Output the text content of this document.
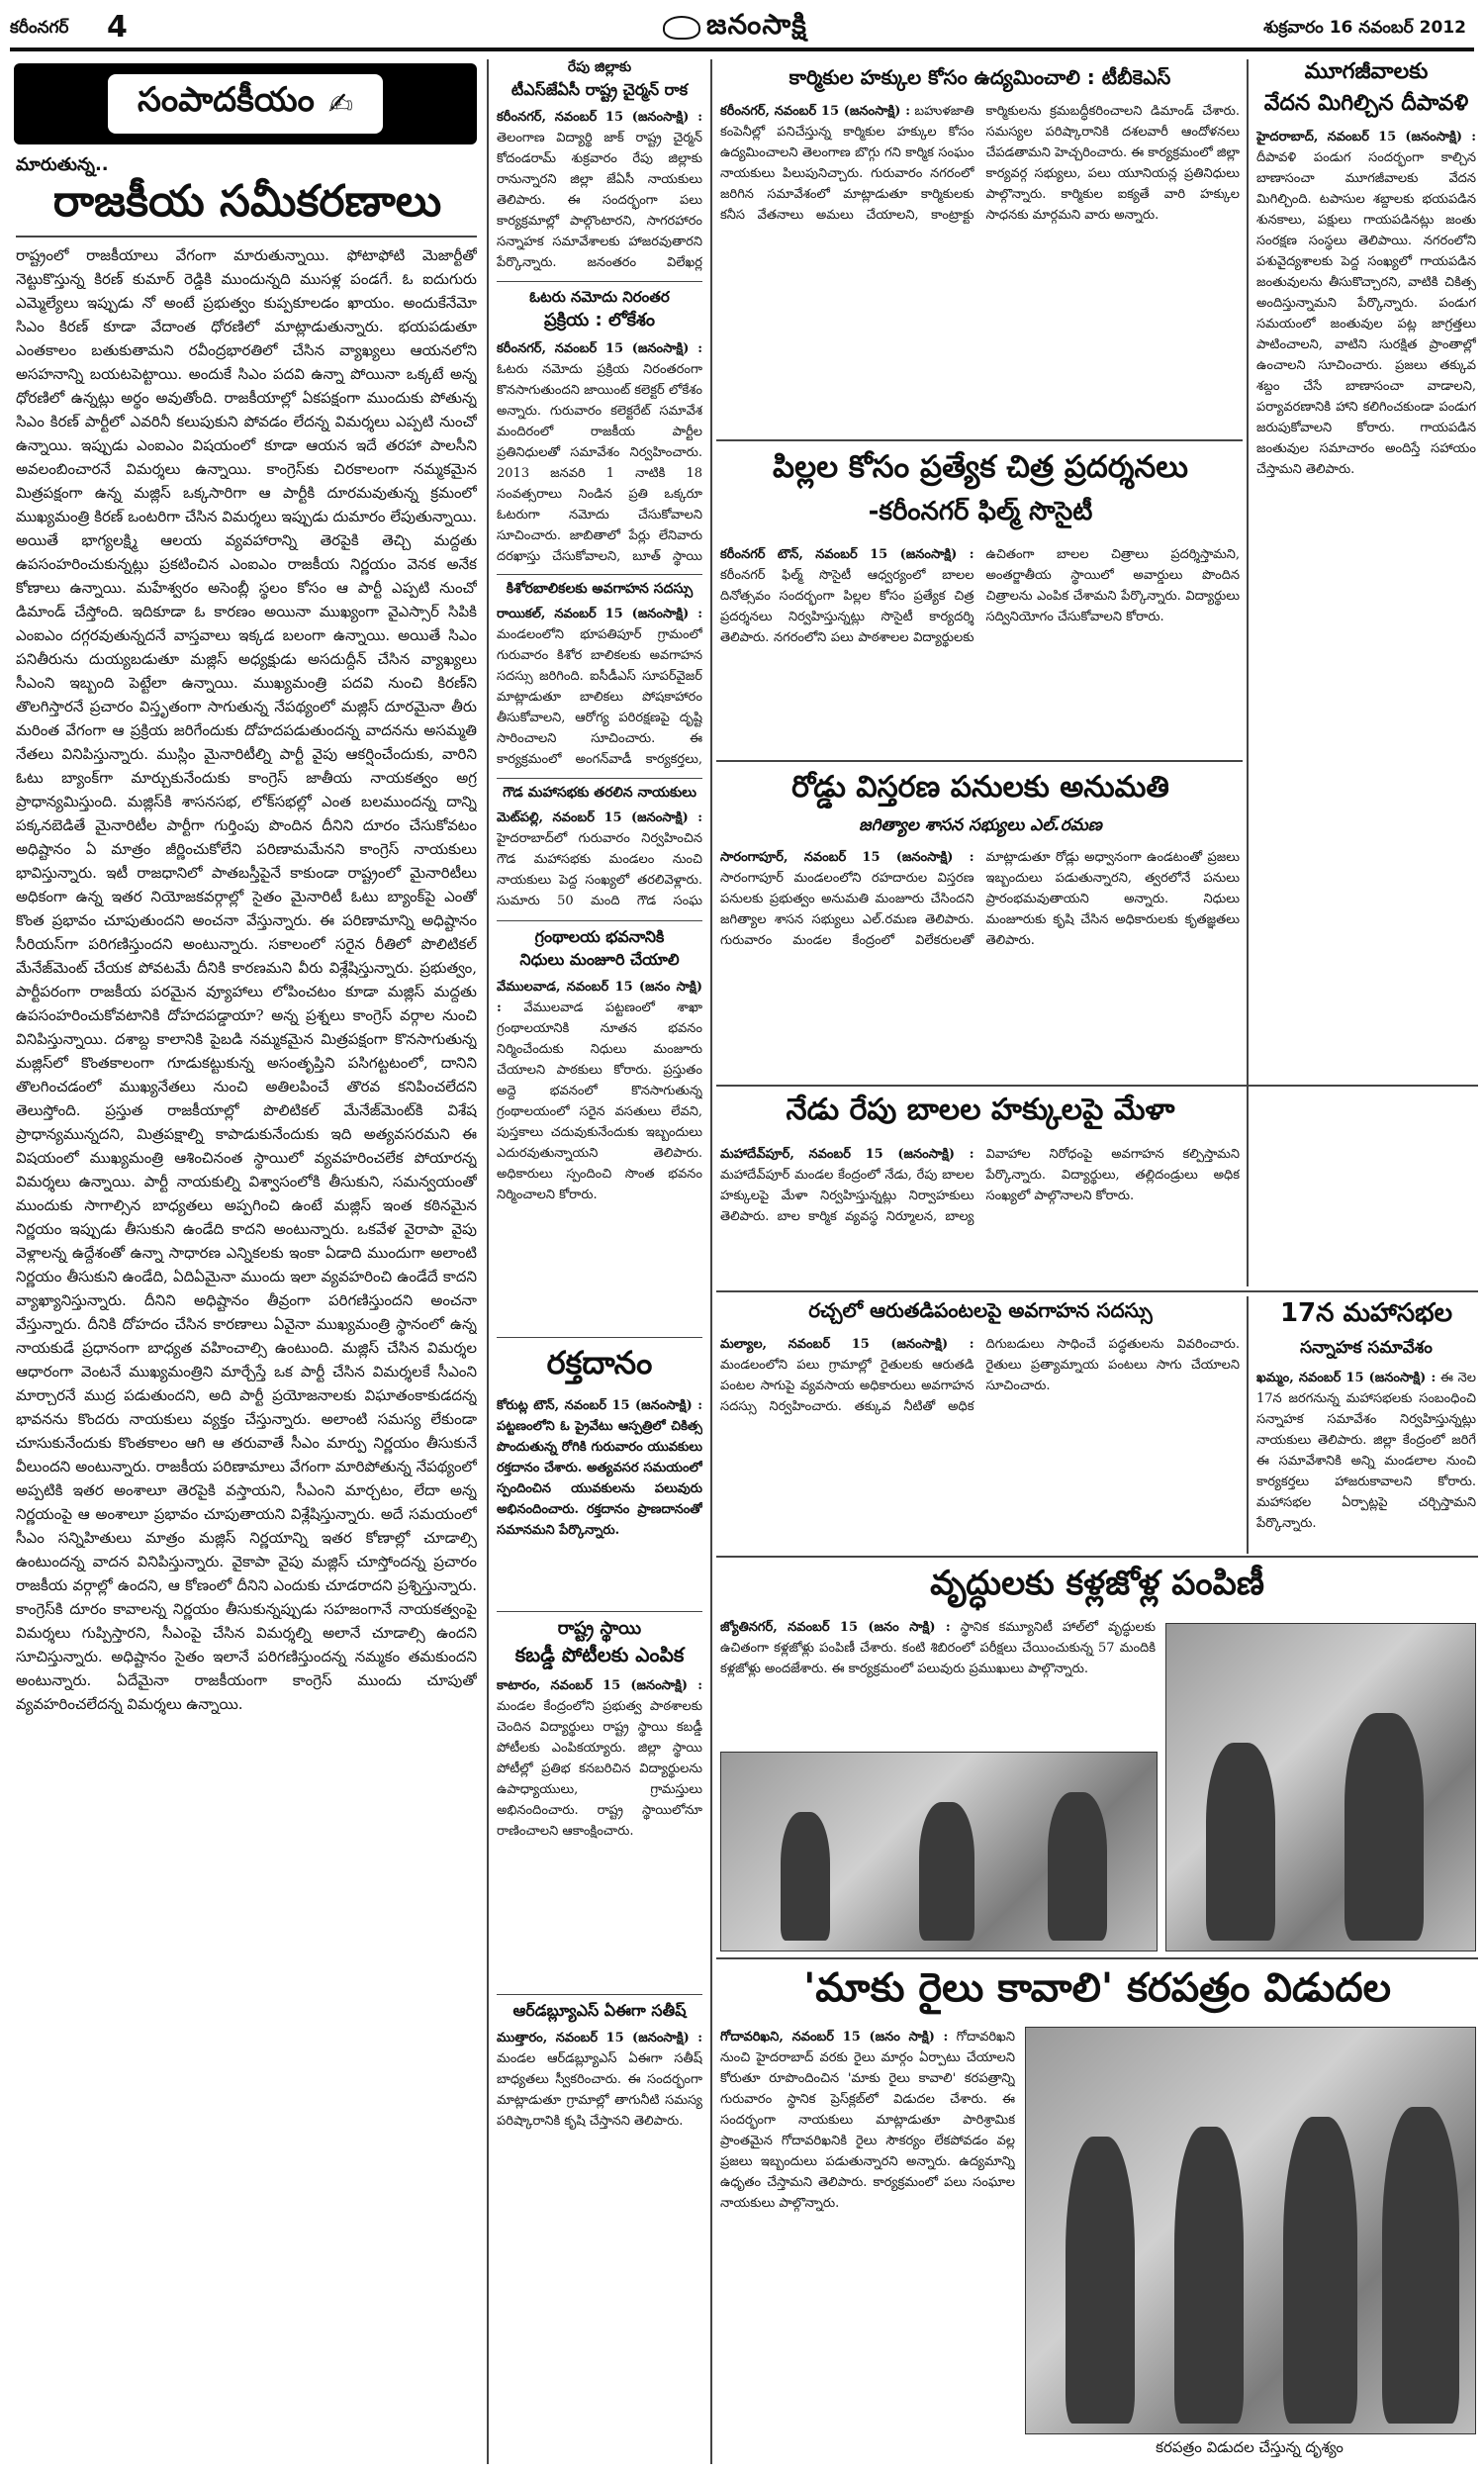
కరీంనగర్ 4	జనంసాక్షి	శుక్రవారం 16 నవంబర్ 2012
సంపాదకీయం ✍
మారుతున్న..
రాజకీయ సమీకరణాలు
రాష్ట్రంలో రాజకీయాలు వేగంగా మారుతున్నాయి. ఫోటాఫోటి మెజార్టీతో నెట్టుకొస్తున్న కిరణ్ కుమార్ రెడ్డికి ముందున్నది ముసళ్ల పండగే. ఓ ఐదుగురు ఎమ్మెల్యేలు ఇప్పుడు నో అంటే ప్రభుత్వం కుప్పకూలడం ఖాయం. అందుకేనేమో సిఎం కిరణ్ కూడా వేదాంత ధోరణిలో మాట్లాడుతున్నారు. భయపడుతూ ఎంతకాలం బతుకుతామని రవీంద్రభారతిలో చేసిన వ్యాఖ్యలు ఆయనలోని అసహనాన్ని బయటపెట్టాయి. అందుకే సిఎం పదవి ఉన్నా పోయినా ఒక్కటే అన్న ధోరణిలో ఉన్నట్లు అర్థం అవుతోంది. రాజకీయాల్లో ఏకపక్షంగా ముందుకు పోతున్న సిఎం కిరణ్ పార్టీలో ఎవరినీ కలుపుకుని పోవడం లేదన్న విమర్శలు ఎప్పటి నుంచో ఉన్నాయి. ఇప్పుడు ఎంఐఎం విషయంలో కూడా ఆయన ఇదే తరహా పాలసీని అవలంబించారనే విమర్శలు ఉన్నాయి. కాంగ్రెస్‌కు చిరకాలంగా నమ్మకమైన మిత్రపక్షంగా ఉన్న మజ్లిస్ ఒక్కసారిగా ఆ పార్టీకి దూరమవుతున్న క్రమంలో ముఖ్యమంత్రి కిరణ్ ఒంటరిగా చేసిన విమర్శలు ఇప్పుడు దుమారం లేపుతున్నాయి. అయితే భాగ్యలక్ష్మి ఆలయ వ్యవహారాన్ని తెరపైకి తెచ్చి మద్దతు ఉపసంహరించుకున్నట్లు ప్రకటించిన ఎంఐఎం రాజకీయ నిర్ణయం వెనక అనేక కోణాలు ఉన్నాయి. మహేశ్వరం అసెంబ్లీ స్థలం కోసం ఆ పార్టీ ఎప్పటి నుంచో డిమాండ్ చేస్తోంది. ఇదికూడా ఓ కారణం అయినా ముఖ్యంగా వైఎస్సార్ సిపికి ఎంఐఎం దగ్గరవుతున్నదనే వాస్తవాలు ఇక్కడ బలంగా ఉన్నాయి. అయితే సిఎం పనితీరును దుయ్యబడుతూ మజ్లిస్ అధ్యక్షుడు అసదుద్దీన్ చేసిన వ్యాఖ్యలు సీఎంని ఇబ్బంది పెట్టేలా ఉన్నాయి. ముఖ్యమంత్రి పదవి నుంచి కిరణ్‌ని తొలగిస్తారనే ప్రచారం విస్తృతంగా సాగుతున్న నేపథ్యంలో మజ్లిస్ దూరమైనా తీరు మరింత వేగంగా ఆ ప్రక్రియ జరిగేందుకు దోహదపడుతుందన్న వాదనను అసమ్మతి నేతలు వినిపిస్తున్నారు. ముస్లిం మైనారిటీల్ని పార్టీ వైపు ఆకర్షించేందుకు, వారిని ఓటు బ్యాంక్‌గా మార్చుకునేందుకు కాంగ్రెస్ జాతీయ నాయకత్వం అగ్ర ప్రాధాన్యమిస్తుంది. మజ్లిస్‌కి శాసనసభ, లోక్‌సభల్లో ఎంత బలముందన్న దాన్ని పక్కనబెడితే మైనారిటీల పార్టీగా గుర్తింపు పొందిన దీనిని దూరం చేసుకోవటం అధిష్టానం ఏ మాత్రం జీర్ణించుకోలేని పరిణామమేనని కాంగ్రెస్ నాయకులు భావిస్తున్నారు. ఇటీ రాజధానిలో పాతబస్తీపైనే కాకుండా రాష్ట్రంలో మైనారిటీలు అధికంగా ఉన్న ఇతర నియోజకవర్గాల్లో సైతం మైనారిటీ ఓటు బ్యాంక్‌పై ఎంతో కొంత ప్రభావం చూపుతుందని అంచనా వేస్తున్నారు. ఈ పరిణామాన్ని అధిష్టానం సీరియస్‌గా పరిగణిస్తుందని అంటున్నారు. సకాలంలో సరైన రీతిలో పొలిటికల్ మేనేజ్‌మెంట్ చేయక పోవటమే దీనికి కారణమని వీరు విశ్లేషిస్తున్నారు. ప్రభుత్వం, పార్టీపరంగా రాజకీయ పరమైన వ్యూహాలు లోపించటం కూడా మజ్లిస్ మద్దతు ఉపసంహరించుకోవటానికి దోహదపడ్డాయా? అన్న ప్రశ్నలు కాంగ్రెస్ వర్గాల నుంచి వినిపిస్తున్నాయి. దశాబ్ద కాలానికి పైబడి నమ్మకమైన మిత్రపక్షంగా కొనసాగుతున్న మజ్లిస్‌లో కొంతకాలంగా గూడుకట్టుకున్న అసంతృప్తిని పసిగట్టటంలో, దానిని తొలగించడంలో ముఖ్యనేతలు నుంచి అతిలపించే తొరవ కనిపించలేదని తెలుస్తోంది. ప్రస్తుత రాజకీయాల్లో పొలిటికల్ మేనేజ్‌మెంట్‌కి విశేష ప్రాధాన్యమున్నదని, మిత్రపక్షాల్ని కాపాడుకునేందుకు ఇది అత్యవసరమని ఈ విషయంలో ముఖ్యమంత్రి ఆశించినంత స్థాయిలో వ్యవహరించలేక పోయారన్న విమర్శలు ఉన్నాయి. పార్టీ నాయకుల్ని విశ్వాసంలోకి తీసుకుని, సమన్వయంతో ముందుకు సాగాల్సిన బాధ్యతలు అప్పగించి ఉంటే మజ్లిస్ ఇంత కఠినమైన నిర్ణయం ఇప్పుడు తీసుకుని ఉండేది కాదని అంటున్నారు. ఒకవేళ వైరాపా వైపు వెళ్లాలన్న ఉద్దేశంతో ఉన్నా సాధారణ ఎన్నికలకు ఇంకా ఏడాది ముందుగా అలాంటి నిర్ణయం తీసుకుని ఉండేది, ఏదిఏమైనా ముందు ఇలా వ్యవహరించి ఉండేదే కాదని వ్యాఖ్యానిస్తున్నారు. దీనిని అధిష్టానం తీవ్రంగా పరిగణిస్తుందని అంచనా వేస్తున్నారు. దీనికి దోహదం చేసిన కారణాలు ఏవైనా ముఖ్యమంత్రి స్థానంలో ఉన్న నాయకుడే ప్రధానంగా బాధ్యత వహించాల్సి ఉంటుంది. మజ్లిస్ చేసిన విమర్శల ఆధారంగా వెంటనే ముఖ్యమంత్రిని మార్చేస్తే ఒక పార్టీ చేసిన విమర్శలకే సీఎంని మార్చారనే ముద్ర పడుతుందని, అది పార్టీ ప్రయోజనాలకు విఘాతంకాకుడదన్న భావనను కొందరు నాయకులు వ్యక్తం చేస్తున్నారు. అలాంటి సమస్య లేకుండా చూసుకునేందుకు కొంతకాలం ఆగి ఆ తరువాతే సీఎం మార్పు నిర్ణయం తీసుకునే వీలుందని అంటున్నారు. రాజకీయ పరిణామాలు వేగంగా మారిపోతున్న నేపథ్యంలో అప్పటికి ఇతర అంశాలూ తెరపైకి వస్తాయని, సీఎంని మార్చటం, లేదా అన్న నిర్ణయంపై ఆ అంశాలూ ప్రభావం చూపుతాయని విశ్లేషిస్తున్నారు. అదే సమయంలో సీఎం సన్నిహితులు మాత్రం మజ్లిస్ నిర్ణయాన్ని ఇతర కోణాల్లో చూడాల్సి ఉంటుందన్న వాదన వినిపిస్తున్నారు. వైకాపా వైపు మజ్లిస్ చూస్తోందన్న ప్రచారం రాజకీయ వర్గాల్లో ఉందని, ఆ కోణంలో దీనిని ఎందుకు చూడరాదని ప్రశ్నిస్తున్నారు. కాంగ్రెస్‌కి దూరం కావాలన్న నిర్ణయం తీసుకున్నప్పుడు సహజంగానే నాయకత్వంపై విమర్శలు గుప్పిస్తారని, సీఎంపై చేసిన విమర్శల్ని అలానే చూడాల్సి ఉందని సూచిస్తున్నారు. అధిష్టానం సైతం ఇలానే పరిగణిస్తుందన్న నమ్మకం తమకుందని అంటున్నారు. ఏదేమైనా రాజకీయంగా కాంగ్రెస్ ముందు చూపుతో వ్యవహరించలేదన్న విమర్శలు ఉన్నాయి.
రేపు జిల్లాకు
టీఎస్‌జేఏసీ రాష్ట్ర చైర్మన్ రాక
కరీంనగర్, నవంబర్ 15 (జనంసాక్షి) : తెలంగాణ విద్యార్థి జాక్ రాష్ట్ర చైర్మన్ కోదండరామ్ శుక్రవారం రేపు జిల్లాకు రానున్నారని జిల్లా జేఏసీ నాయకులు తెలిపారు. ఈ సందర్భంగా పలు కార్యక్రమాల్లో పాల్గొంటారని, సాగరహారం సన్నాహక సమావేశాలకు హాజరవుతారని పేర్కొన్నారు. జనంతరం విలేఖర్ల
ఓటరు నమోదు నిరంతర
ప్రక్రియ : లోకేశం
కరీంనగర్, నవంబర్ 15 (జనంసాక్షి) : ఓటరు నమోదు ప్రక్రియ నిరంతరంగా కొనసాగుతుందని జాయింట్ కలెక్టర్ లోకేశం అన్నారు. గురువారం కలెక్టరేట్ సమావేశ మందిరంలో రాజకీయ పార్టీల ప్రతినిధులతో సమావేశం నిర్వహించారు. 2013 జనవరి 1 నాటికి 18 సంవత్సరాలు నిండిన ప్రతి ఒక్కరూ ఓటరుగా నమోదు చేసుకోవాలని సూచించారు. జాబితాలో పేర్లు లేనివారు దరఖాస్తు చేసుకోవాలని, బూత్ స్థాయి
కిశోరబాలికలకు అవగాహన సదస్సు
రాయికల్, నవంబర్ 15 (జనంసాక్షి) : మండలంలోని భూపతిపూర్ గ్రామంలో గురువారం కిశోర బాలికలకు అవగాహన సదస్సు జరిగింది. ఐసీడీఎస్ సూపర్‌వైజర్ మాట్లాడుతూ బాలికలు పోషకాహారం తీసుకోవాలని, ఆరోగ్య పరిరక్షణపై దృష్టి సారించాలని సూచించారు. ఈ కార్యక్రమంలో అంగన్‌వాడీ కార్యకర్తలు,
గౌడ మహాసభకు తరలిన నాయకులు
మెట్‌పల్లి, నవంబర్ 15 (జనంసాక్షి) : హైదరాబాద్‌లో గురువారం నిర్వహించిన గౌడ మహాసభకు మండలం నుంచి నాయకులు పెద్ద సంఖ్యలో తరలివెళ్లారు. సుమారు 50 మంది గౌడ సంఘ
గ్రంథాలయ భవనానికి
నిధులు మంజూరి చేయాలి
వేములవాడ, నవంబర్ 15 (జనం సాక్షి) : వేములవాడ పట్టణంలో శాఖా గ్రంథాలయానికి నూతన భవనం నిర్మించేందుకు నిధులు మంజూరు చేయాలని పాఠకులు కోరారు. ప్రస్తుతం అద్దె భవనంలో కొనసాగుతున్న గ్రంథాలయంలో సరైన వసతులు లేవని, పుస్తకాలు చదువుకునేందుకు ఇబ్బందులు ఎదురవుతున్నాయని తెలిపారు. అధికారులు స్పందించి సొంత భవనం నిర్మించాలని కోరారు.
రక్తదానం
కోరుట్ల టౌన్, నవంబర్ 15 (జనంసాక్షి) : పట్టణంలోని ఓ ప్రైవేటు ఆస్పత్రిలో చికిత్స పొందుతున్న రోగికి గురువారం యువకులు రక్తదానం చేశారు. అత్యవసర సమయంలో స్పందించిన యువకులను పలువురు అభినందించారు. రక్తదానం ప్రాణదానంతో సమానమని పేర్కొన్నారు.
రాష్ట్ర స్థాయి
కబడ్డీ పోటీలకు ఎంపిక
కాటారం, నవంబర్ 15 (జనంసాక్షి) : మండల కేంద్రంలోని ప్రభుత్వ పాఠశాలకు చెందిన విద్యార్థులు రాష్ట్ర స్థాయి కబడ్డీ పోటీలకు ఎంపికయ్యారు. జిల్లా స్థాయి పోటీల్లో ప్రతిభ కనబరిచిన విద్యార్థులను ఉపాధ్యాయులు, గ్రామస్తులు అభినందించారు. రాష్ట్ర స్థాయిలోనూ రాణించాలని ఆకాంక్షించారు.
ఆర్‌డబ్ల్యూఎస్ ఏఈగా సతీష్
ముత్తారం, నవంబర్ 15 (జనంసాక్షి) : మండల ఆర్‌డబ్ల్యూఎస్ ఏఈగా సతీష్ బాధ్యతలు స్వీకరించారు. ఈ సందర్భంగా మాట్లాడుతూ గ్రామాల్లో తాగునీటి సమస్య పరిష్కారానికి కృషి చేస్తానని తెలిపారు.
కార్మికుల హక్కుల కోసం ఉద్యమించాలి : టీబీకెఎస్
కరీంనగర్, నవంబర్ 15 (జనంసాక్షి) : బహుళజాతి కంపెనీల్లో పనిచేస్తున్న కార్మికుల హక్కుల కోసం ఉద్యమించాలని తెలంగాణ బొగ్గు గని కార్మిక సంఘం నాయకులు పిలుపునిచ్చారు. గురువారం నగరంలో జరిగిన సమావేశంలో మాట్లాడుతూ కార్మికులకు కనీస వేతనాలు అమలు చేయాలని, కాంట్రాక్టు కార్మికులను క్రమబద్ధీకరించాలని డిమాండ్ చేశారు. సమస్యల పరిష్కారానికి దశలవారీ ఆందోళనలు చేపడతామని హెచ్చరించారు. ఈ కార్యక్రమంలో జిల్లా కార్యవర్గ సభ్యులు, పలు యూనియన్ల ప్రతినిధులు పాల్గొన్నారు. కార్మికుల ఐక్యతే వారి హక్కుల సాధనకు మార్గమని వారు అన్నారు.
పిల్లల కోసం ప్రత్యేక చిత్ర ప్రదర్శనలు
-కరీంనగర్ ఫిల్మ్ సొసైటీ
కరీంనగర్ టౌన్, నవంబర్ 15 (జనంసాక్షి) : కరీంనగర్ ఫిల్మ్ సొసైటీ ఆధ్వర్యంలో బాలల దినోత్సవం సందర్భంగా పిల్లల కోసం ప్రత్యేక చిత్ర ప్రదర్శనలు నిర్వహిస్తున్నట్లు సొసైటీ కార్యదర్శి తెలిపారు. నగరంలోని పలు పాఠశాలల విద్యార్థులకు ఉచితంగా బాలల చిత్రాలు ప్రదర్శిస్తామని, అంతర్జాతీయ స్థాయిలో అవార్డులు పొందిన చిత్రాలను ఎంపిక చేశామని పేర్కొన్నారు. విద్యార్థులు సద్వినియోగం చేసుకోవాలని కోరారు.
రోడ్డు విస్తరణ పనులకు అనుమతి
జగిత్యాల శాసన సభ్యులు ఎల్.రమణ
సారంగాపూర్, నవంబర్ 15 (జనంసాక్షి) : సారంగాపూర్ మండలంలోని రహదారుల విస్తరణ పనులకు ప్రభుత్వం అనుమతి మంజూరు చేసిందని జగిత్యాల శాసన సభ్యులు ఎల్.రమణ తెలిపారు. గురువారం మండల కేంద్రంలో విలేకరులతో మాట్లాడుతూ రోడ్లు అధ్వానంగా ఉండటంతో ప్రజలు ఇబ్బందులు పడుతున్నారని, త్వరలోనే పనులు ప్రారంభమవుతాయని అన్నారు. నిధులు మంజూరుకు కృషి చేసిన అధికారులకు కృతజ్ఞతలు తెలిపారు.
నేడు రేపు బాలల హక్కులపై మేళా
మహాదేవ్‌పూర్, నవంబర్ 15 (జనంసాక్షి) : మహాదేవ్‌పూర్ మండల కేంద్రంలో నేడు, రేపు బాలల హక్కులపై మేళా నిర్వహిస్తున్నట్లు నిర్వాహకులు తెలిపారు. బాల కార్మిక వ్యవస్థ నిర్మూలన, బాల్య వివాహాల నిరోధంపై అవగాహన కల్పిస్తామని పేర్కొన్నారు. విద్యార్థులు, తల్లిదండ్రులు అధిక సంఖ్యలో పాల్గొనాలని కోరారు.
రచ్చలో ఆరుతడిపంటలపై అవగాహన సదస్సు
మల్యాల, నవంబర్ 15 (జనంసాక్షి) : మండలంలోని పలు గ్రామాల్లో రైతులకు ఆరుతడి పంటల సాగుపై వ్యవసాయ అధికారులు అవగాహన సదస్సు నిర్వహించారు. తక్కువ నీటితో అధిక దిగుబడులు సాధించే పద్ధతులను వివరించారు. రైతులు ప్రత్యామ్నాయ పంటలు సాగు చేయాలని సూచించారు.
మూగజీవాలకు
వేదన మిగిల్చిన దీపావళి
హైదరాబాద్, నవంబర్ 15 (జనంసాక్షి) : దీపావళి పండుగ సందర్భంగా కాల్చిన బాణాసంచా మూగజీవాలకు వేదన మిగిల్చింది. టపాసుల శబ్దాలకు భయపడిన శునకాలు, పక్షులు గాయపడినట్లు జంతు సంరక్షణ సంస్థలు తెలిపాయి. నగరంలోని పశువైద్యశాలకు పెద్ద సంఖ్యలో గాయపడిన జంతువులను తీసుకొచ్చారని, వాటికి చికిత్స అందిస్తున్నామని పేర్కొన్నారు. పండుగ సమయంలో జంతువుల పట్ల జాగ్రత్తలు పాటించాలని, వాటిని సురక్షిత ప్రాంతాల్లో ఉంచాలని సూచించారు. ప్రజలు తక్కువ శబ్దం చేసే బాణాసంచా వాడాలని, పర్యావరణానికి హాని కలిగించకుండా పండుగ జరుపుకోవాలని కోరారు. గాయపడిన జంతువుల సమాచారం అందిస్తే సహాయం చేస్తామని తెలిపారు.
17న మహాసభల
సన్నాహక సమావేశం
ఖమ్మం, నవంబర్ 15 (జనంసాక్షి) : ఈ నెల 17న జరగనున్న మహాసభలకు సంబంధించి సన్నాహక సమావేశం నిర్వహిస్తున్నట్లు నాయకులు తెలిపారు. జిల్లా కేంద్రంలో జరిగే ఈ సమావేశానికి అన్ని మండలాల నుంచి కార్యకర్తలు హాజరుకావాలని కోరారు. మహాసభల ఏర్పాట్లపై చర్చిస్తామని పేర్కొన్నారు.
వృద్ధులకు కళ్లజోళ్ల పంపిణీ
జ్యోతినగర్, నవంబర్ 15 (జనం సాక్షి) : స్థానిక కమ్యూనిటీ హాల్‌లో వృద్ధులకు ఉచితంగా కళ్లజోళ్లు పంపిణీ చేశారు. కంటి శిబిరంలో పరీక్షలు చేయించుకున్న 57 మందికి కళ్లజోళ్లు అందజేశారు. ఈ కార్యక్రమంలో పలువురు ప్రముఖులు పాల్గొన్నారు.
'మాకు రైలు కావాలి' కరపత్రం విడుదల
గోదావరిఖని, నవంబర్ 15 (జనం సాక్షి) : గోదావరిఖని నుంచి హైదరాబాద్ వరకు రైలు మార్గం ఏర్పాటు చేయాలని కోరుతూ రూపొందించిన 'మాకు రైలు కావాలి' కరపత్రాన్ని గురువారం స్థానిక ప్రెస్‌క్లబ్‌లో విడుదల చేశారు. ఈ సందర్భంగా నాయకులు మాట్లాడుతూ పారిశ్రామిక ప్రాంతమైన గోదావరిఖనికి రైలు సౌకర్యం లేకపోవడం వల్ల ప్రజలు ఇబ్బందులు పడుతున్నారని అన్నారు. ఉద్యమాన్ని ఉధృతం చేస్తామని తెలిపారు. కార్యక్రమంలో పలు సంఘాల నాయకులు పాల్గొన్నారు.
కరపత్రం విడుదల చేస్తున్న దృశ్యం
